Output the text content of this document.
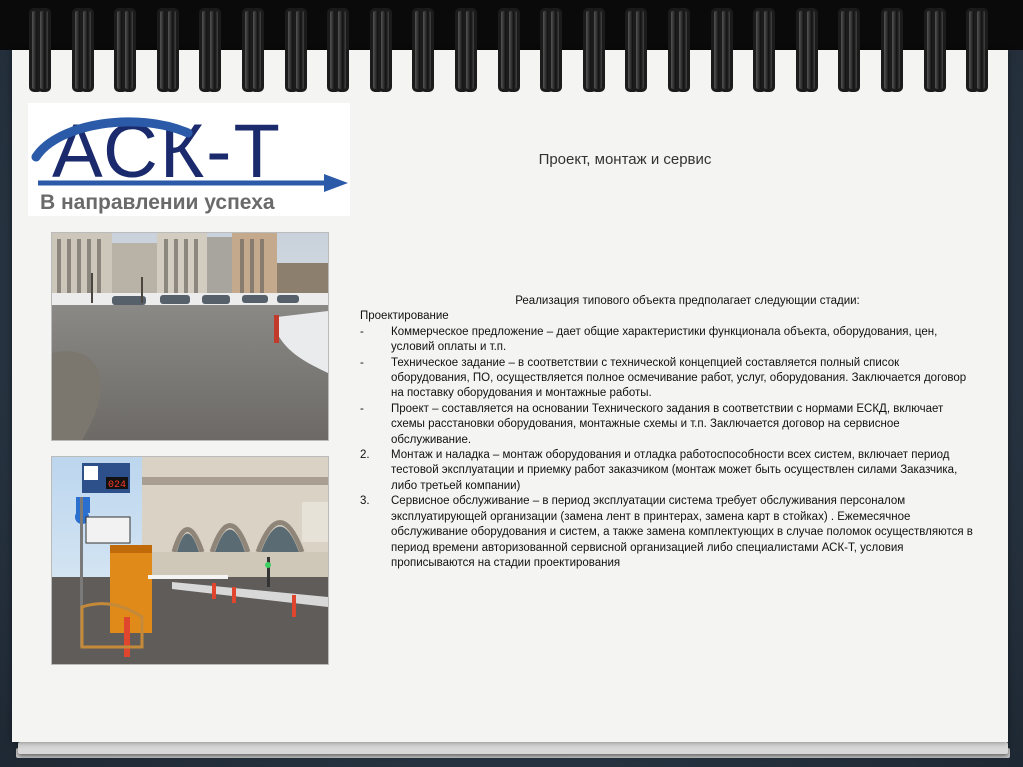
АСК-Т
В направлении успеха
Проект, монтаж и сервис
024
Реализация типового объекта предполагает следующии стадии:
Проектирование
-	Коммерческое предложение – дает общие характеристики функционала объекта, оборудования, цен, условий оплаты и т.п.
-	Техническое задание – в соответствии с технической концепцией составляется полный список оборудования, ПО, осуществляется полное осмечивание работ, услуг, оборудования. Заключается договор на поставку оборудования и монтажные работы.
-	Проект – составляется на основании Технического задания в соответствии с нормами ЕСКД, включает схемы расстановки оборудования, монтажные схемы и т.п. Заключается договор на сервисное обслуживание.
2.	Монтаж и наладка – монтаж оборудования и отладка работоспособности всех систем, включает период тестовой эксплуатации и приемку работ заказчиком (монтаж может быть осуществлен силами Заказчика, либо третьей компании)
3.	Сервисное обслуживание – в период эксплуатации система требует обслуживания персоналом эксплуатирующей организации (замена лент в принтерах, замена карт в стойках) . Ежемесячное обслуживание оборудования и систем, а также замена комплектующих в случае поломок осуществляются в период времени авторизованной сервисной организацией либо специалистами АСК-Т, условия прописываются на стадии проектирования
